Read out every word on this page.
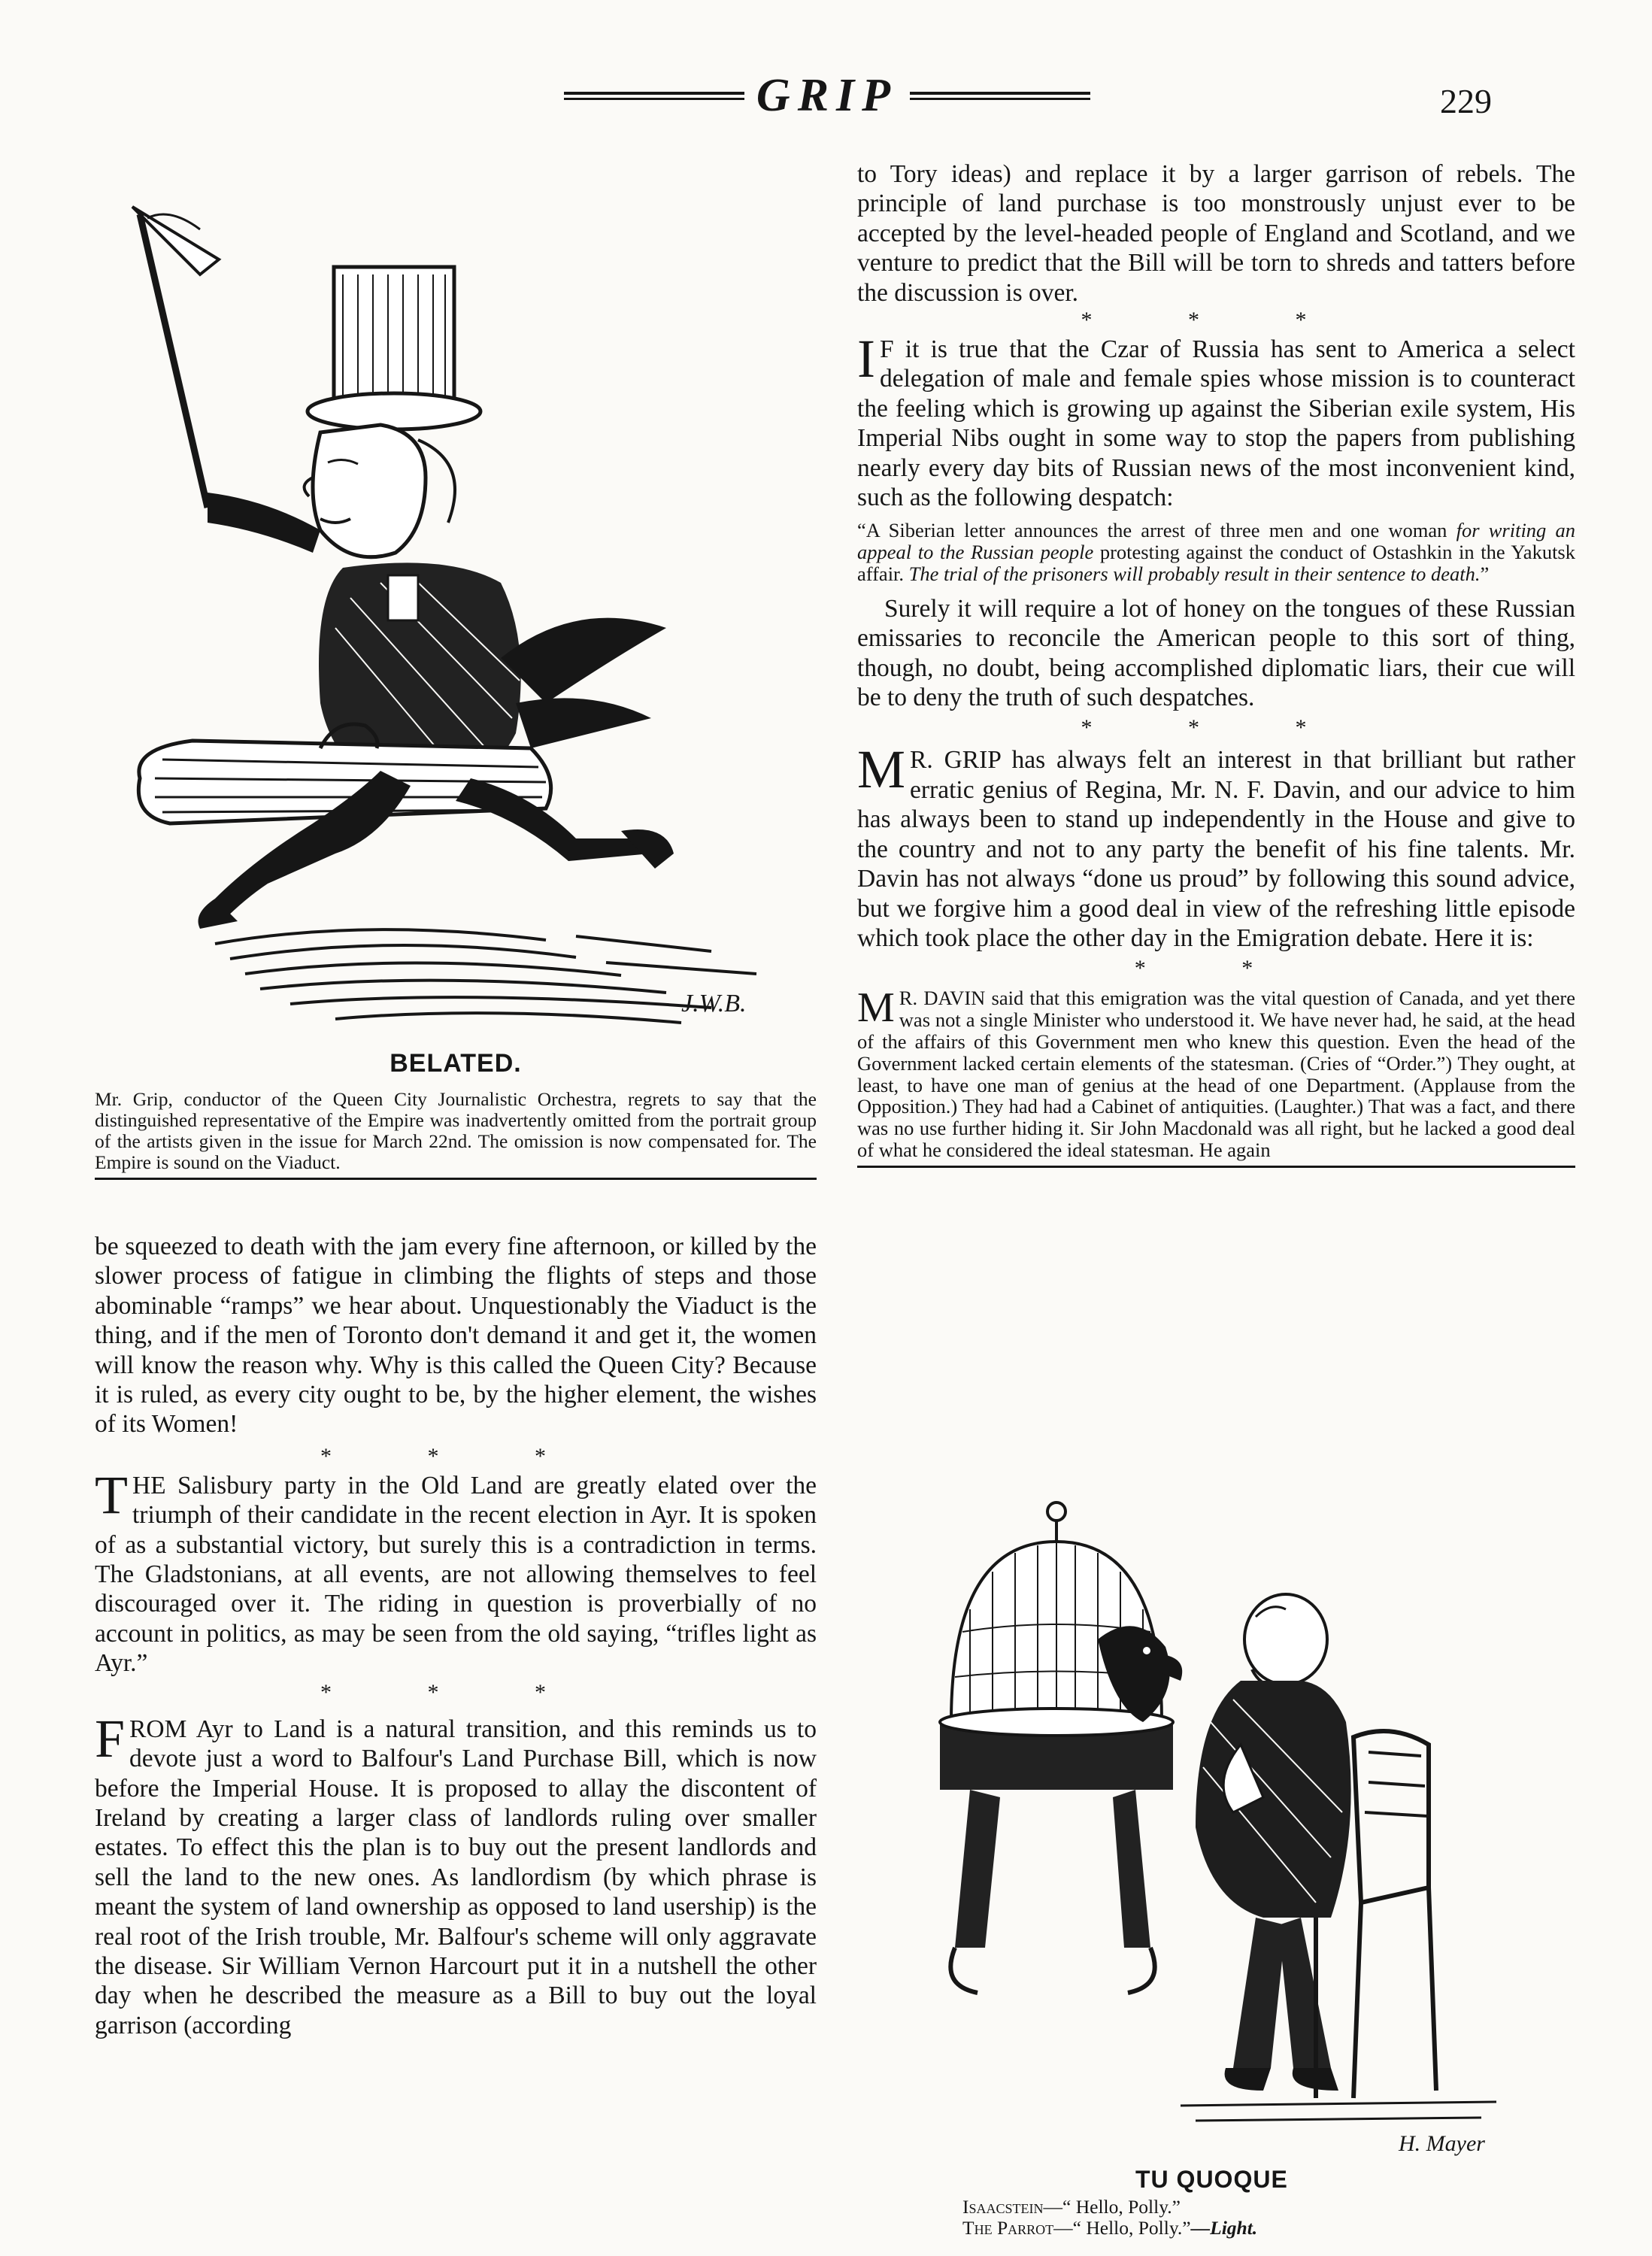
GRIP	229
J.W.B.
BELATED.
Mr. Grip, conductor of the Queen City Journalistic Orchestra, regrets to say that the distinguished representative of the Empire was inadvertently omitted from the portrait group of the artists given in the issue for March 22nd. The omission is now compensated for. The Empire is sound on the Viaduct.

be squeezed to death with the jam every fine afternoon, or killed by the slower process of fatigue in climbing the flights of steps and those abominable “ramps” we hear about. Unquestionably the Viaduct is the thing, and if the men of Toronto don't demand it and get it, the women will know the reason why. Why is this called the Queen City? Because it is ruled, as every city ought to be, by the higher element, the wishes of its Women!

* * *

THE Salisbury party in the Old Land are greatly elated over the triumph of their candidate in the recent election in Ayr. It is spoken of as a substantial victory, but surely this is a contradiction in terms. The Gladstonians, at all events, are not allowing themselves to feel discouraged over it. The riding in question is proverbially of no account in politics, as may be seen from the old saying, “trifles light as Ayr.”

* * *

FROM Ayr to Land is a natural transition, and this reminds us to devote just a word to Balfour's Land Purchase Bill, which is now before the Imperial House. It is proposed to allay the discontent of Ireland by creating a larger class of landlords ruling over smaller estates. To effect this the plan is to buy out the present landlords and sell the land to the new ones. As landlordism (by which phrase is meant the system of land ownership as opposed to land usership) is the real root of the Irish trouble, Mr. Balfour's scheme will only aggravate the disease. Sir William Vernon Harcourt put it in a nutshell the other day when he described the measure as a Bill to buy out the loyal garrison (according

to Tory ideas) and replace it by a larger garrison of rebels. The principle of land purchase is too monstrously unjust ever to be accepted by the level-headed people of England and Scotland, and we venture to predict that the Bill will be torn to shreds and tatters before the discussion is over.

* * *

I F it is true that the Czar of Russia has sent to America a select delegation of male and female spies whose mission is to counteract the feeling which is growing up against the Siberian exile system, His Imperial Nibs ought in some way to stop the papers from publishing nearly every day bits of Russian news of the most inconvenient kind, such as the following despatch:

“A Siberian letter announces the arrest of three men and one woman for writing an appeal to the Russian people protesting against the conduct of Ostashkin in the Yakutsk affair. The trial of the prisoners will probably result in their sentence to death.”

Surely it will require a lot of honey on the tongues of these Russian emissaries to reconcile the American people to this sort of thing, though, no doubt, being accomplished diplomatic liars, their cue will be to deny the truth of such despatches.

* * *

M R. GRIP has always felt an interest in that brilliant but rather erratic genius of Regina, Mr. N. F. Davin, and our advice to him has always been to stand up independently in the House and give to the country and not to any party the benefit of his fine talents. Mr. Davin has not always “done us proud” by following this sound advice, but we forgive him a good deal in view of the refreshing little episode which took place the other day in the Emigration debate. Here it is:

* *

M R. DAVIN said that this emigration was the vital question of Canada, and yet there was not a single Minister who understood it. We have never had, he said, at the head of the affairs of this Government men who knew this question. Even the head of the Government lacked certain elements of the statesman. (Cries of “Order.”) They ought, at least, to have one man of genius at the head of one Department. (Applause from the Opposition.) They had had a Cabinet of antiquities. (Laughter.) That was a fact, and there was no use further hiding it. Sir John Macdonald was all right, but he lacked a good deal of what he considered the ideal statesman. He again

H. Mayer
TU QUOQUE
Isaacstein—“ Hello, Polly.”
The Parrot—“ Hello, Polly.”—Light.
